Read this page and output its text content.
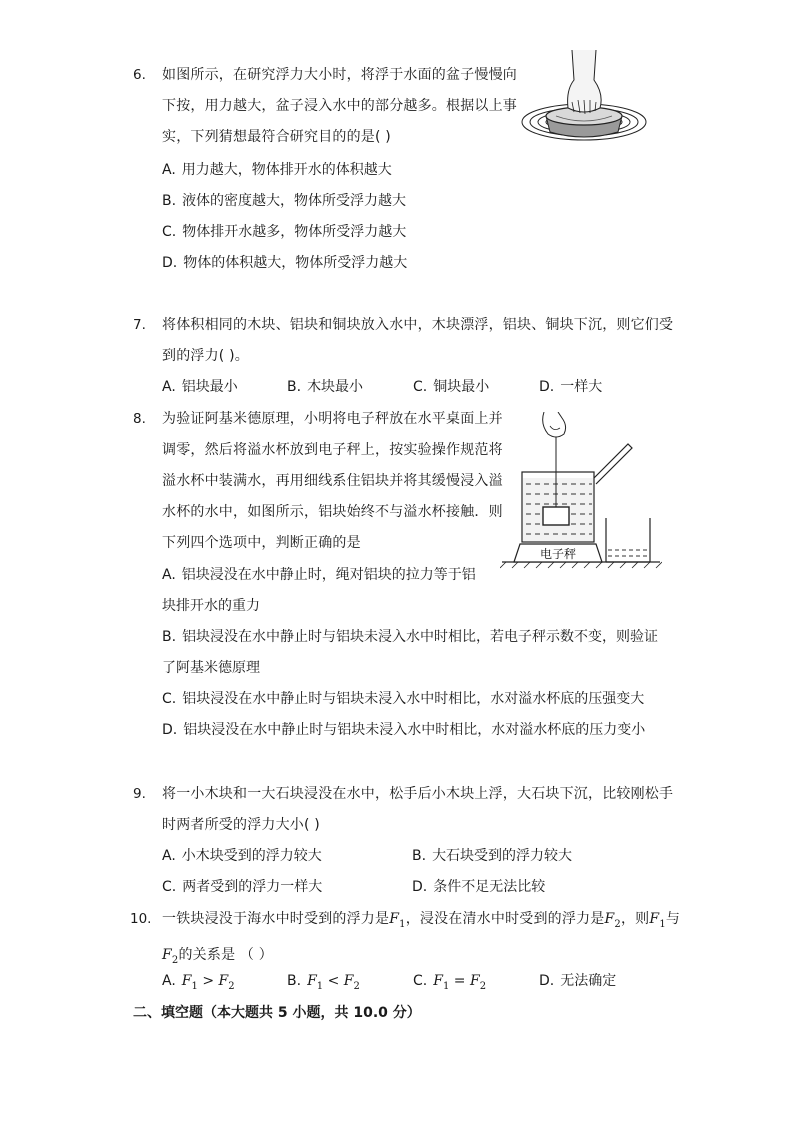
6. 如图所示，在研究浮力大小时，将浮于水面的盆子慢慢向
下按，用力越大，盆子浸入水中的部分越多。根据以上事
实，下列猜想最符合研究目的的是( )
A. 用力越大，物体排开水的体积越大
B. 液体的密度越大，物体所受浮力越大
C. 物体排开水越多，物体所受浮力越大
D. 物体的体积越大，物体所受浮力越大
7. 将体积相同的木块、铝块和铜块放入水中，木块漂浮，铝块、铜块下沉，则它们受
到的浮力( )。
A. 铝块最小	B. 木块最小	C. 铜块最小	D. 一样大
8. 为验证阿基米德原理，小明将电子秤放在水平桌面上并
调零，然后将溢水杯放到电子秤上，按实验操作规范将
溢水杯中装满水，再用细线系住铝块并将其缓慢浸入溢
水杯的水中，如图所示，铝块始终不与溢水杯接触．则
下列四个选项中，判断正确的是
A. 铝块浸没在水中静止时，绳对铝块的拉力等于铝
块排开水的重力
B. 铝块浸没在水中静止时与铝块未浸入水中时相比，若电子秤示数不变，则验证
了阿基米德原理
C. 铝块浸没在水中静止时与铝块未浸入水中时相比，水对溢水杯底的压强变大
D. 铝块浸没在水中静止时与铝块未浸入水中时相比，水对溢水杯底的压力变小
电子秤
9. 将一小木块和一大石块浸没在水中，松手后小木块上浮，大石块下沉，比较刚松手
时两者所受的浮力大小( )
A. 小木块受到的浮力较大	B. 大石块受到的浮力较大
C. 两者受到的浮力一样大	D. 条件不足无法比较
10. 一铁块浸没于海水中时受到的浮力是$F_1$，浸没在清水中时受到的浮力是$F_2$，则$F_1$与
$F_2$的关系是 （ ）
A. $F_1 > F_2$	B. $F_1 < F_2$	C. $F_1 = F_2$	D. 无法确定
二、填空题（本大题共 5 小题，共 10.0 分）
